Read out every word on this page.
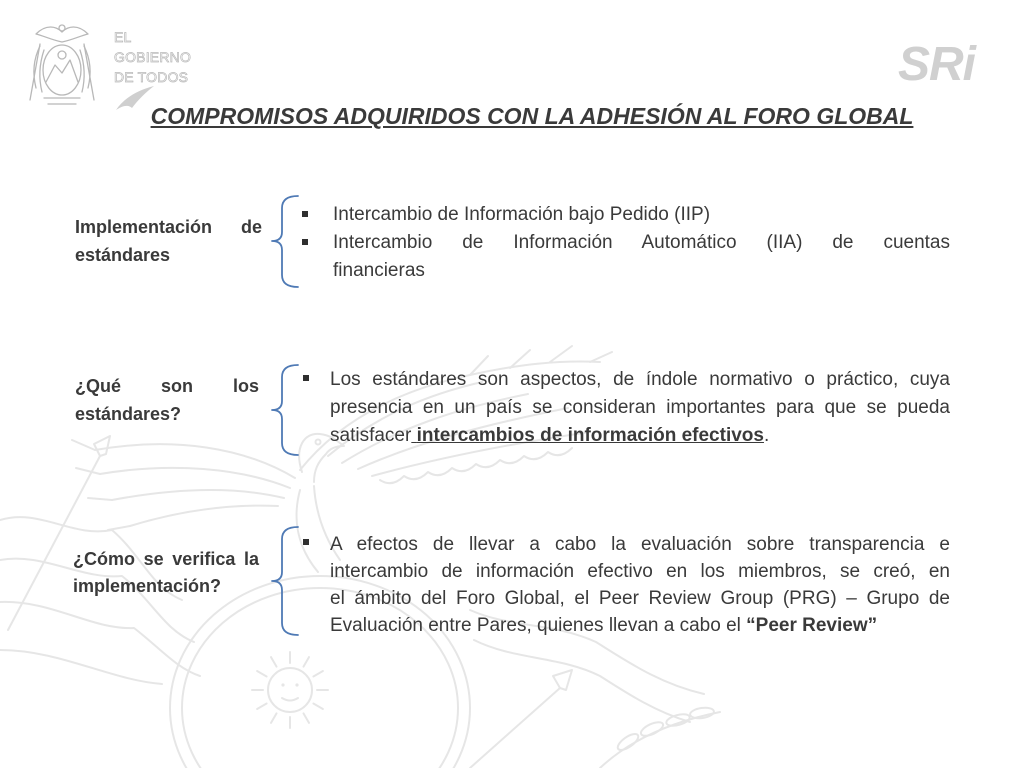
EL
GOBIERNO
DE TODOS	SRi
COMPROMISOS ADQUIRIDOS CON LA ADHESIÓN AL FORO GLOBAL
Implementación de estándares
Intercambio de Información bajo Pedido (IIP)
Intercambio de Información Automático (IIA) de cuentas
financieras
¿Qué son los estándares?
Los estándares son aspectos, de índole normativo o práctico, cuya
presencia en un país se consideran importantes para que se pueda
satisfacer intercambios de información efectivos.
¿Cómo se verifica la implementación?
A efectos de llevar a cabo la evaluación sobre transparencia e
intercambio de información efectivo en los miembros, se creó, en
el ámbito del Foro Global, el Peer Review Group (PRG) – Grupo de
Evaluación entre Pares, quienes llevan a cabo el “Peer Review”
